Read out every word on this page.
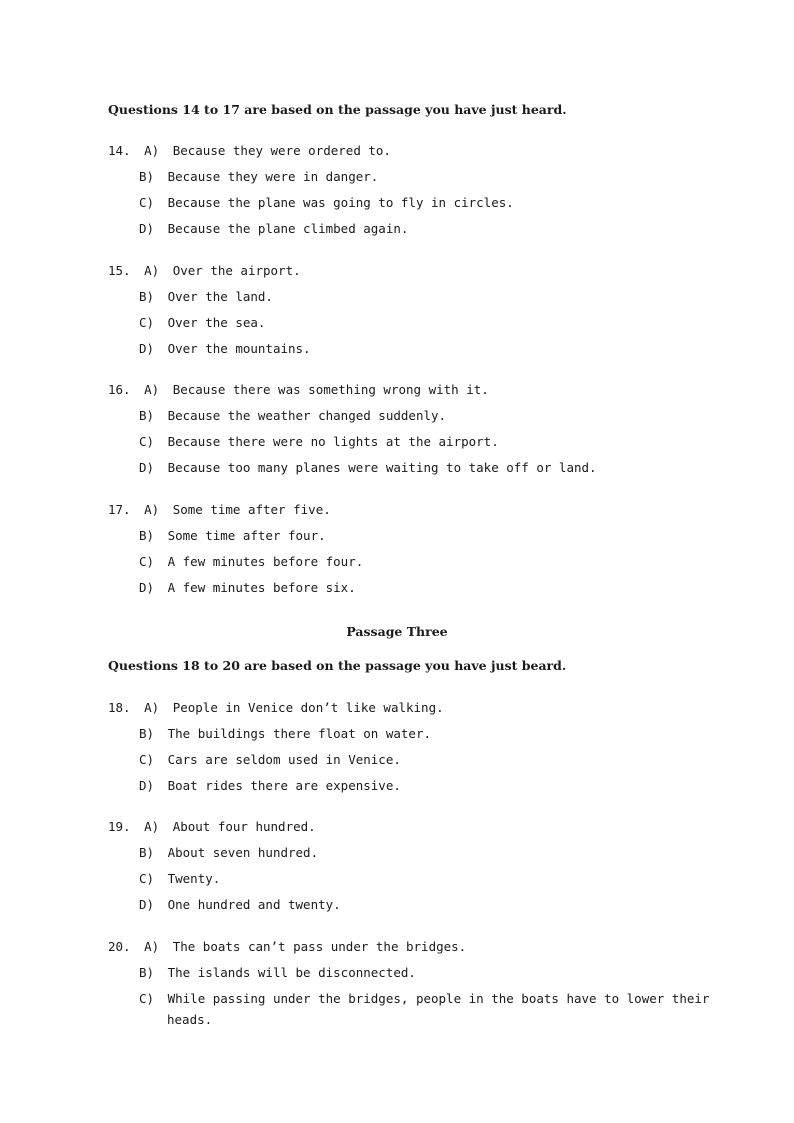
Questions 14 to 17 are based on the passage you have just heard.
14. A) Because they were ordered to.
B) Because they were in danger.
C) Because the plane was going to fly in circles.
D) Because the plane climbed again.
15. A) Over the airport.
B) Over the land.
C) Over the sea.
D) Over the mountains.
16. A) Because there was something wrong with it.
B) Because the weather changed suddenly.
C) Because there were no lights at the airport.
D) Because too many planes were waiting to take off or land.
17. A) Some time after five.
B) Some time after four.
C) A few minutes before four.
D) A few minutes before six.
Passage Three
Questions 18 to 20 are based on the passage you have just beard.
18. A) People in Venice don’t like walking.
B) The buildings there float on water.
C) Cars are seldom used in Venice.
D) Boat rides there are expensive.
19. A) About four hundred.
B) About seven hundred.
C) Twenty.
D) One hundred and twenty.
20. A) The boats can’t pass under the bridges.
B) The islands will be disconnected.
C) While passing under the bridges, people in the boats have to lower their
heads.
